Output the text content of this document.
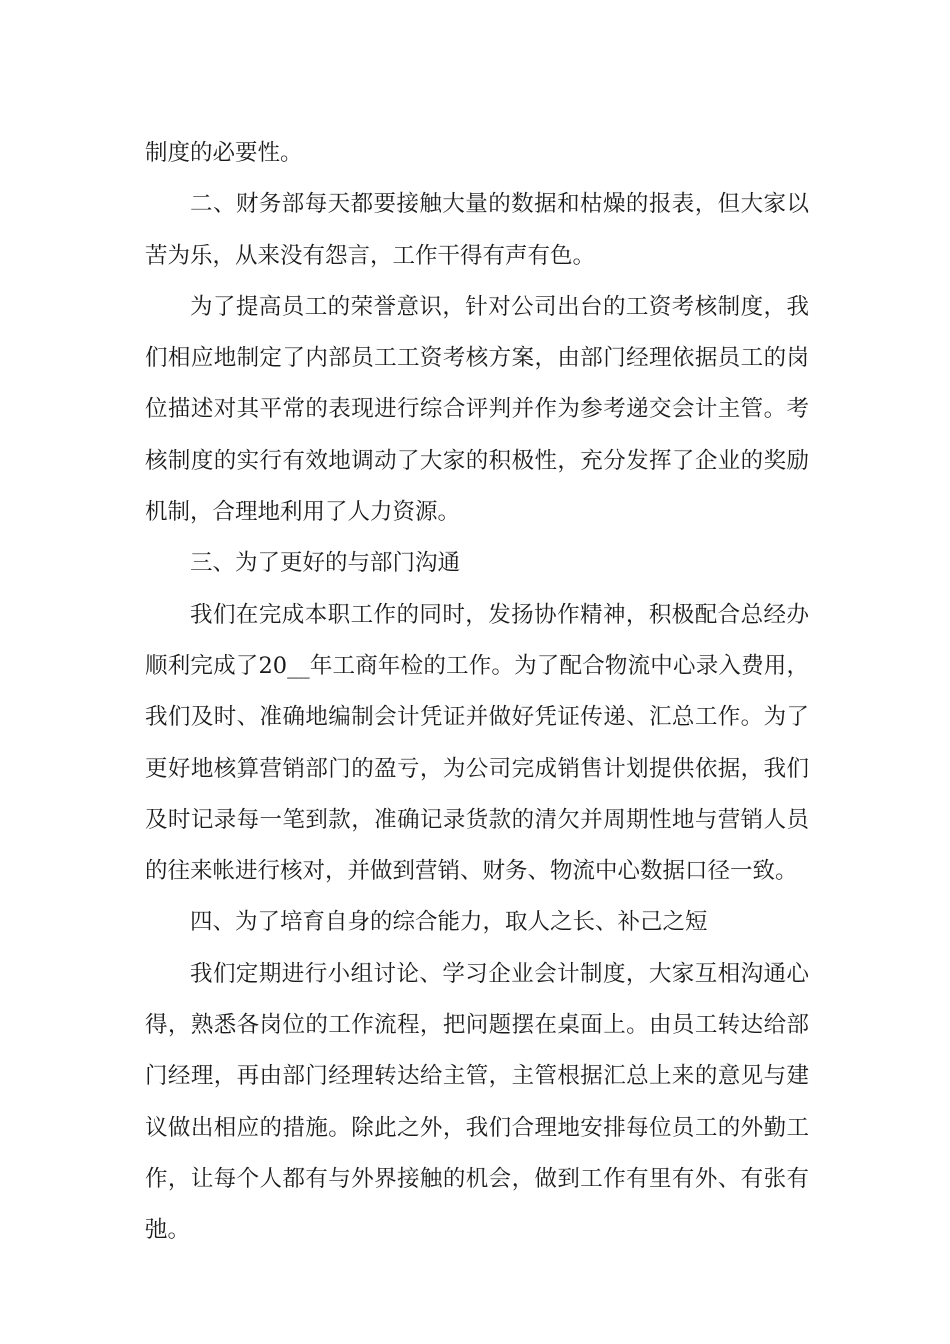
制度的必要性。

二、财务部每天都要接触大量的数据和枯燥的报表，但大家以苦为乐，从来没有怨言，工作干得有声有色。

为了提高员工的荣誉意识，针对公司出台的工资考核制度，我们相应地制定了内部员工工资考核方案，由部门经理依据员工的岗位描述对其平常的表现进行综合评判并作为参考递交会计主管。考核制度的实行有效地调动了大家的积极性，充分发挥了企业的奖励机制，合理地利用了人力资源。

三、为了更好的与部门沟通

我们在完成本职工作的同时，发扬协作精神，积极配合总经办顺利完成了20__年工商年检的工作。为了配合物流中心录入费用，我们及时、准确地编制会计凭证并做好凭证传递、汇总工作。为了更好地核算营销部门的盈亏，为公司完成销售计划提供依据，我们及时记录每一笔到款，准确记录货款的清欠并周期性地与营销人员的往来帐进行核对，并做到营销、财务、物流中心数据口径一致。

四、为了培育自身的综合能力，取人之长、补己之短

我们定期进行小组讨论、学习企业会计制度，大家互相沟通心得，熟悉各岗位的工作流程，把问题摆在桌面上。由员工转达给部门经理，再由部门经理转达给主管，主管根据汇总上来的意见与建议做出相应的措施。除此之外，我们合理地安排每位员工的外勤工作，让每个人都有与外界接触的机会，做到工作有里有外、有张有弛。
